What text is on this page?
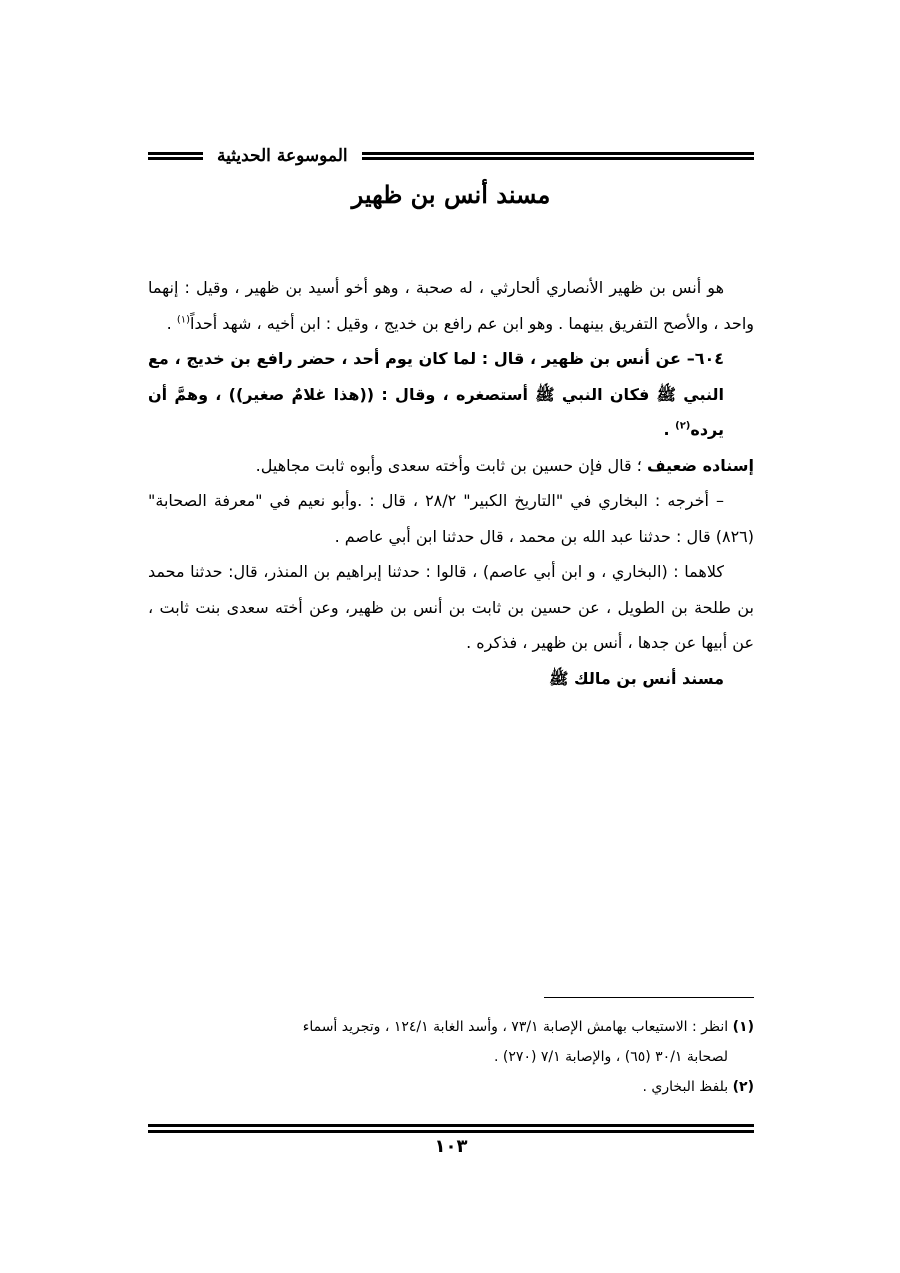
الموسوعة الحديثية
مسند أنس بن ظهير

هو أنس بن ظهير الأنصاري ألحارثي ، له صحبة ، وهو أخو أسيد بن ظهير ، وقيل : إنهما واحد ، والأصح التفريق بينهما . وهو ابن عم رافع بن خديج ، وقيل : ابن أخيه ، شهد أحداً$^{(١)}$ .

٦٠٤– عن أنس بن ظهير ، قال : لما كان يوم أحد ، حضر رافع بن خديج ، مع النبي ﷺ فكان النبي ﷺ أستصغره ، وقال : ((هذا غلامٌ صغير)) ، وهمَّ أن يرده$^{(٢)}$ .

إسناده ضعيف ؛ قال فإن حسين بن ثابت وأخته سعدى وأبوه ثابت مجاهيل.

– أخرجه : البخاري في "التاريخ الكبير" ٢٨/٢ ، قال : .وأبو نعيم في "معرفة الصحابة" (٨٢٦) قال : حدثنا عبد الله بن محمد ، قال حدثنا ابن أبي عاصم .

كلاهما : (البخاري ، و ابن أبي عاصم) ، قالوا : حدثنا إبراهيم بن المنذر، قال: حدثنا محمد بن طلحة بن الطويل ، عن حسين بن ثابت بن أنس بن ظهير، وعن أخته سعدى بنت ثابت ، عن أبيها عن جدها ، أنس بن ظهير ، فذكره .

مسند أنس بن مالك ﷺ

(١) انظر : الاستيعاب بهامش الإصابة ٧٣/١ ، وأسد الغابة ١٢٤/١ ، وتجريد أسماء

لصحابة ٣٠/١ (٦٥) ، والإصابة ٧/١ (٢٧٠) .

(٢) بلفظ البخاري .

١٠٣
